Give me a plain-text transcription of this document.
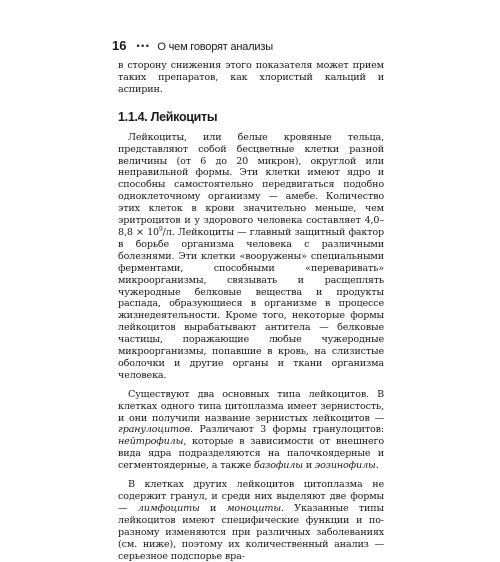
16 ••• О чем говорят анализы

в сторону снижения этого показателя может прием таких препаратов, как хлористый кальций и аспирин.

1.1.4. Лейкоциты

Лейкоциты, или белые кровяные тельца, представляют собой бесцветные клетки разной величины (от 6 до 20 микрон), округлой или неправильной формы. Эти клетки имеют ядро и способны самостоятельно передвигаться подобно одноклеточному организму — амебе. Количество этих клеток в крови значительно меньше, чем эритроцитов и у здорового человека составляет $4,0-8,8 \times 10^9/л$. Лейкоциты — главный защитный фактор в борьбе организма человека с различными болезнями. Эти клетки «вооружены» специальными ферментами, способными «переваривать» микроорганизмы, связывать и расщеплять чужеродные белковые вещества и продукты распада, образующиеся в организме в процессе жизнедеятельности. Кроме того, некоторые формы лейкоцитов вырабатывают антитела — белковые частицы, поражающие любые чужеродные микроорганизмы, попавшие в кровь, на слизистые оболочки и другие органы и ткани организма человека.

Существуют два основных типа лейкоцитов. В клетках одного типа цитоплазма имеет зернистость, и они получили название зернистых лейкоцитов — гранулоцитов. Различают 3 формы гранулоцитов: нейтрофилы, которые в зависимости от внешнего вида ядра подразделяются на палочкоядерные и сегментоядерные, а также базофилы и эозинофилы.

В клетках других лейкоцитов цитоплазма не содержит гранул, и среди них выделяют две формы — лимфоциты и моноциты. Указанные типы лейкоцитов имеют специфические функции и по-разному изменяются при различных заболеваниях (см. ниже), поэтому их количественный анализ — серьезное подспорье вра-
